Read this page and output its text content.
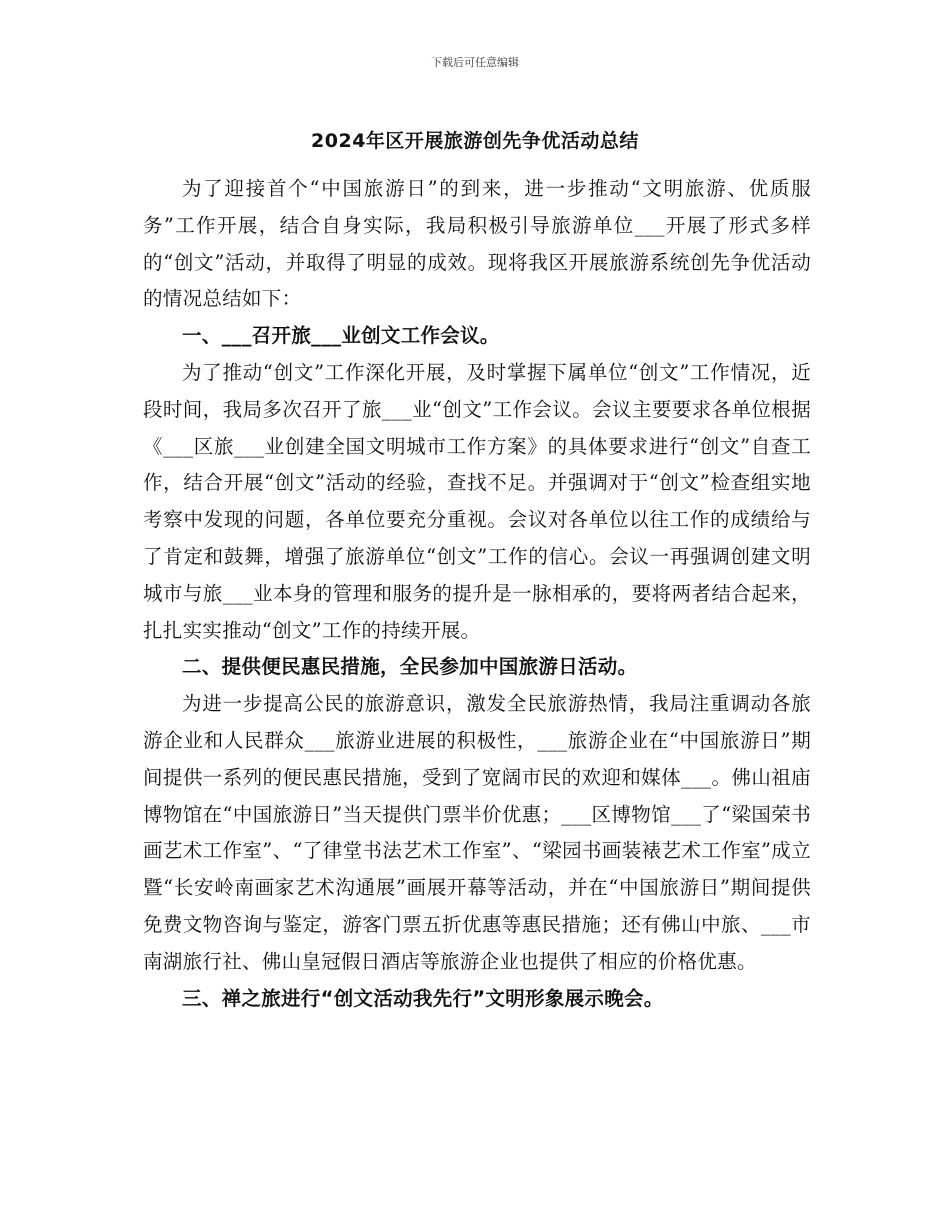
下载后可任意编辑
2024年区开展旅游创先争优活动总结

为了迎接首个“中国旅游日”的到来，进一步推动“文明旅游、优质服务”工作开展，结合自身实际，我局积极引导旅游单位___开展了形式多样的“创文”活动，并取得了明显的成效。现将我区开展旅游系统创先争优活动的情况总结如下：

一、___召开旅___业创文工作会议。

为了推动“创文”工作深化开展，及时掌握下属单位“创文”工作情况，近段时间，我局多次召开了旅___业“创文”工作会议。会议主要要求各单位根据《___区旅___业创建全国文明城市工作方案》的具体要求进行“创文”自查工作，结合开展“创文”活动的经验，查找不足。并强调对于“创文”检查组实地考察中发现的问题，各单位要充分重视。会议对各单位以往工作的成绩给与了肯定和鼓舞，增强了旅游单位“创文”工作的信心。会议一再强调创建文明城市与旅___业本身的管理和服务的提升是一脉相承的，要将两者结合起来，扎扎实实推动“创文”工作的持续开展。

二、提供便民惠民措施，全民参加中国旅游日活动。

为进一步提高公民的旅游意识，激发全民旅游热情，我局注重调动各旅游企业和人民群众___旅游业进展的积极性，___旅游企业在“中国旅游日”期间提供一系列的便民惠民措施，受到了宽阔市民的欢迎和媒体___。佛山祖庙博物馆在“中国旅游日”当天提供门票半价优惠；___区博物馆___了“梁国荣书画艺术工作室”、“了律堂书法艺术工作室”、“梁园书画装裱艺术工作室”成立暨“长安岭南画家艺术沟通展”画展开幕等活动，并在“中国旅游日”期间提供免费文物咨询与鉴定，游客门票五折优惠等惠民措施；还有佛山中旅、___市南湖旅行社、佛山皇冠假日酒店等旅游企业也提供了相应的价格优惠。

三、禅之旅进行“创文活动我先行”文明形象展示晚会。
